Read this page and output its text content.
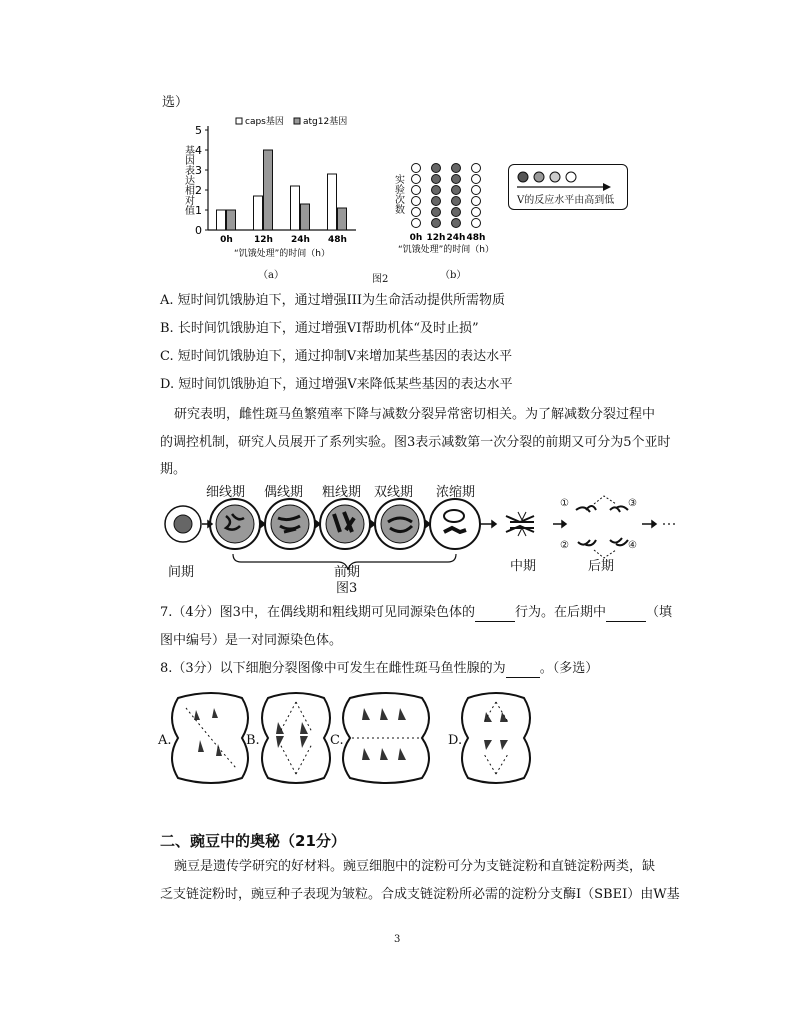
选）
0
1
2
3
4
5
基因表达相对值
0h 12h 24h 48h
caps基因 atg12基因
“饥饿处理”的时间（h）
（a）
0h 12h 24h 48h
实验次数
“饥饿处理”的时间（h）
（b）
V的反应水平由高到低
图2
A. 短时间饥饿胁迫下，通过增强III为生命活动提供所需物质
B. 长时间饥饿胁迫下，通过增强VI帮助机体“及时止损”
C. 短时间饥饿胁迫下，通过抑制V来增加某些基因的表达水平
D. 短时间饥饿胁迫下，通过增强V来降低某些基因的表达水平
研究表明，雌性斑马鱼繁殖率下降与减数分裂异常密切相关。为了解减数分裂过程中
的调控机制，研究人员展开了系列实验。图3表示减数第一次分裂的前期又可分为5个亚时
期。
细线期 偶线期 粗线期 双线期 浓缩期
①
②
③
④
间期	前期	中期	后期
图3
7.（4分）图3中，在偶线期和粗线期可见同源染色体的	行为。在后期中	（填
图中编号）是一对同源染色体。
8.（3分）以下细胞分裂图像中可发生在雌性斑马鱼性腺的为	。（多选）
A.	B.	C.	D.
二、豌豆中的奥秘（21分）
豌豆是遗传学研究的好材料。豌豆细胞中的淀粉可分为支链淀粉和直链淀粉两类，缺
乏支链淀粉时，豌豆种子表现为皱粒。合成支链淀粉所必需的淀粉分支酶I（SBEI）由W基
3
